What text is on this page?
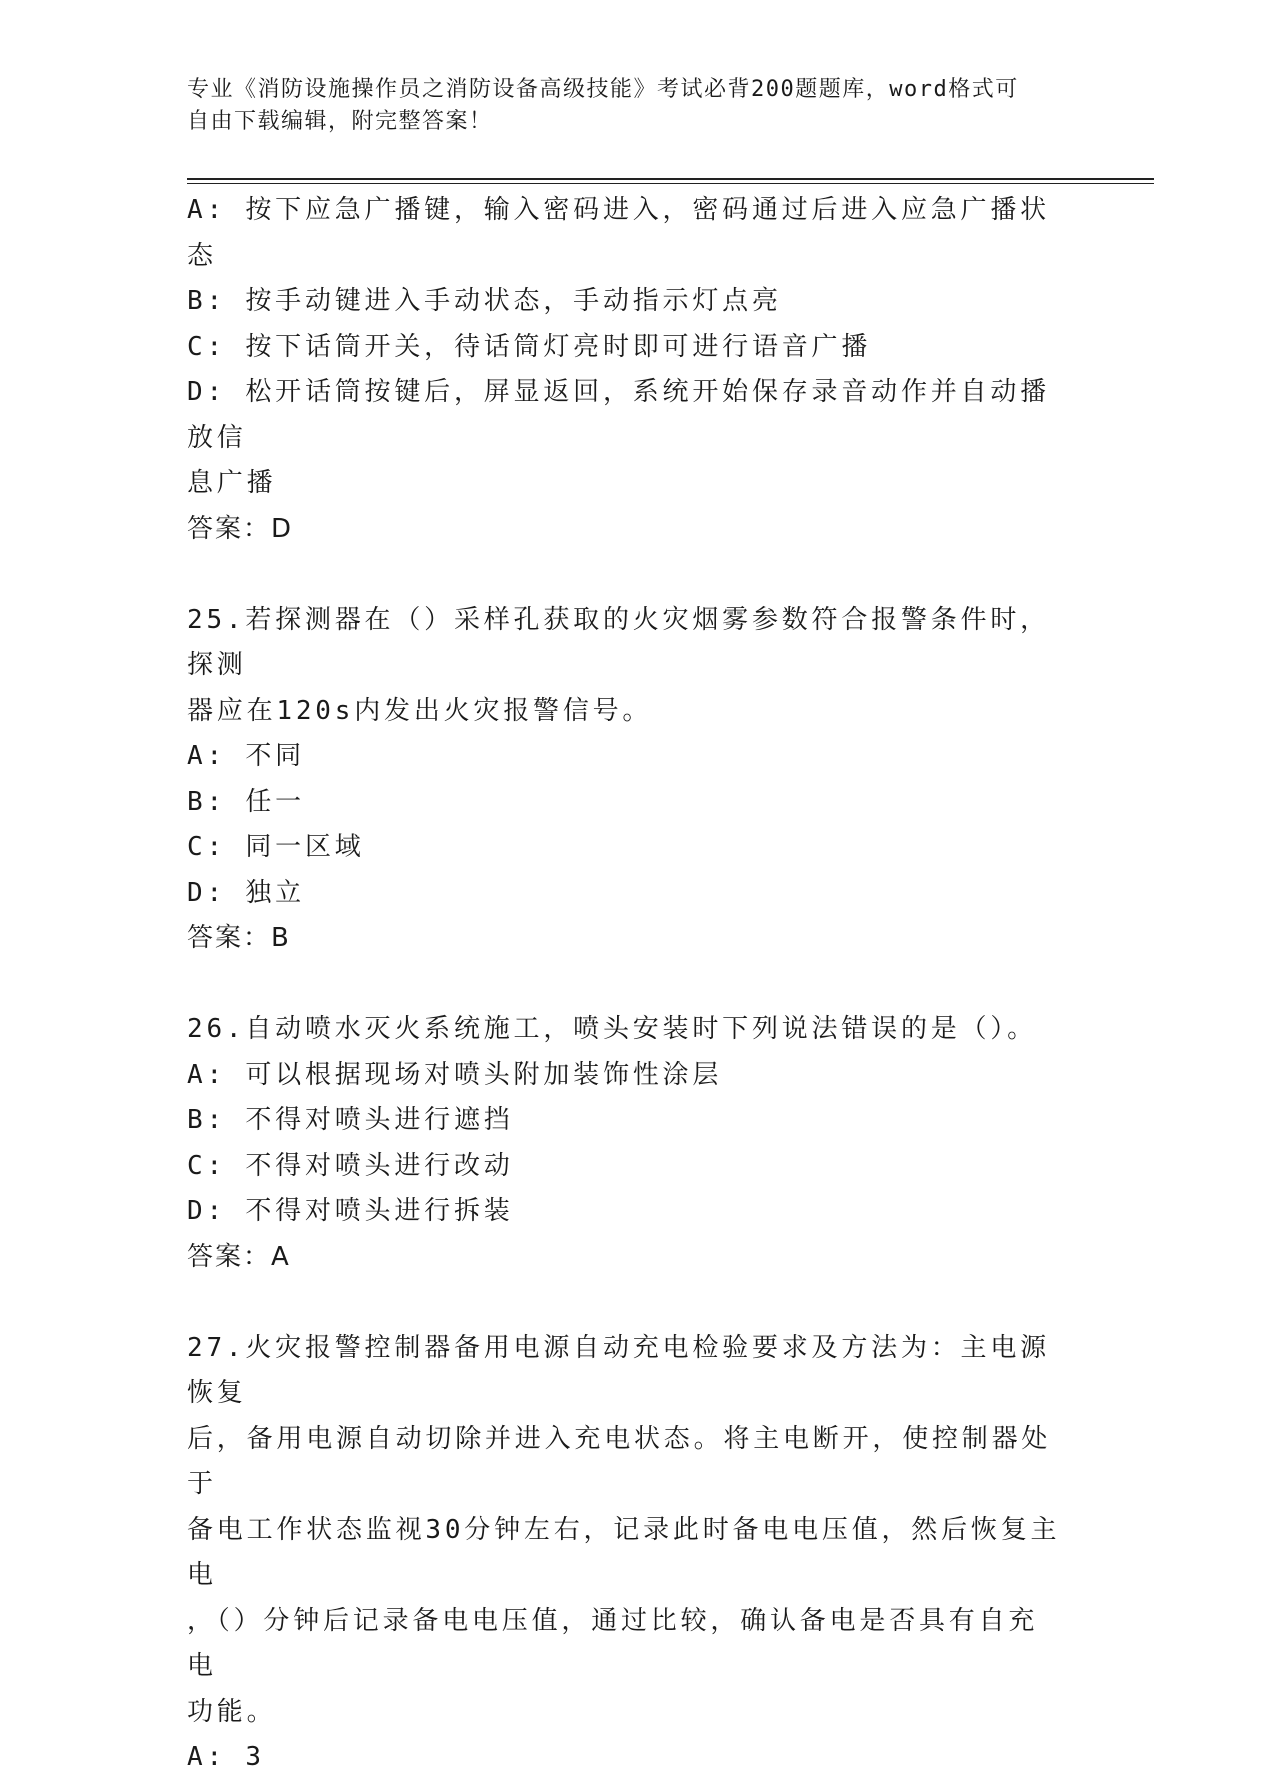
专业《消防设施操作员之消防设备高级技能》考试必背200题题库，word格式可
自由下载编辑，附完整答案！
A: 按下应急广播键，输入密码进入，密码通过后进入应急广播状态
B: 按手动键进入手动状态，手动指示灯点亮
C: 按下话筒开关，待话筒灯亮时即可进行语音广播
D: 松开话筒按键后，屏显返回，系统开始保存录音动作并自动播放信
息广播
答案：D
25.若探测器在（）采样孔获取的火灾烟雾参数符合报警条件时，探测
器应在120s内发出火灾报警信号。
A: 不同
B: 任一
C: 同一区域
D: 独立
答案：B
26.自动喷水灭火系统施工，喷头安装时下列说法错误的是（）。
A: 可以根据现场对喷头附加装饰性涂层
B: 不得对喷头进行遮挡
C: 不得对喷头进行改动
D: 不得对喷头进行拆装
答案：A
27.火灾报警控制器备用电源自动充电检验要求及方法为：主电源恢复
后，备用电源自动切除并进入充电状态。将主电断开，使控制器处于
备电工作状态监视30分钟左右，记录此时备电电压值，然后恢复主电
，（）分钟后记录备电电压值，通过比较，确认备电是否具有自充电
功能。
A: 3
